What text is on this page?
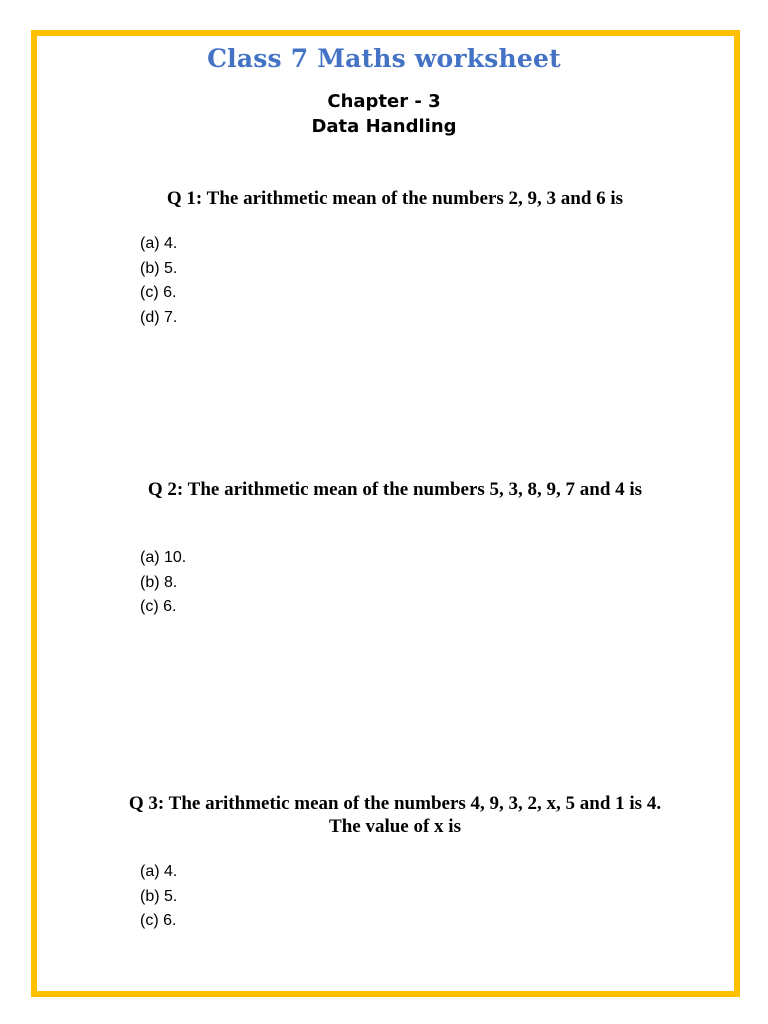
Class 7 Maths worksheet
Chapter - 3
Data Handling
Q 1: The arithmetic mean of the numbers 2, 9, 3 and 6 is
(a) 4.
(b) 5.
(c) 6.
(d) 7.
Q 2: The arithmetic mean of the numbers 5, 3, 8, 9, 7 and 4 is
(a) 10.
(b) 8.
(c) 6.
Q 3: The arithmetic mean of the numbers 4, 9, 3, 2, x, 5 and 1 is 4. The value of x is
(a) 4.
(b) 5.
(c) 6.
